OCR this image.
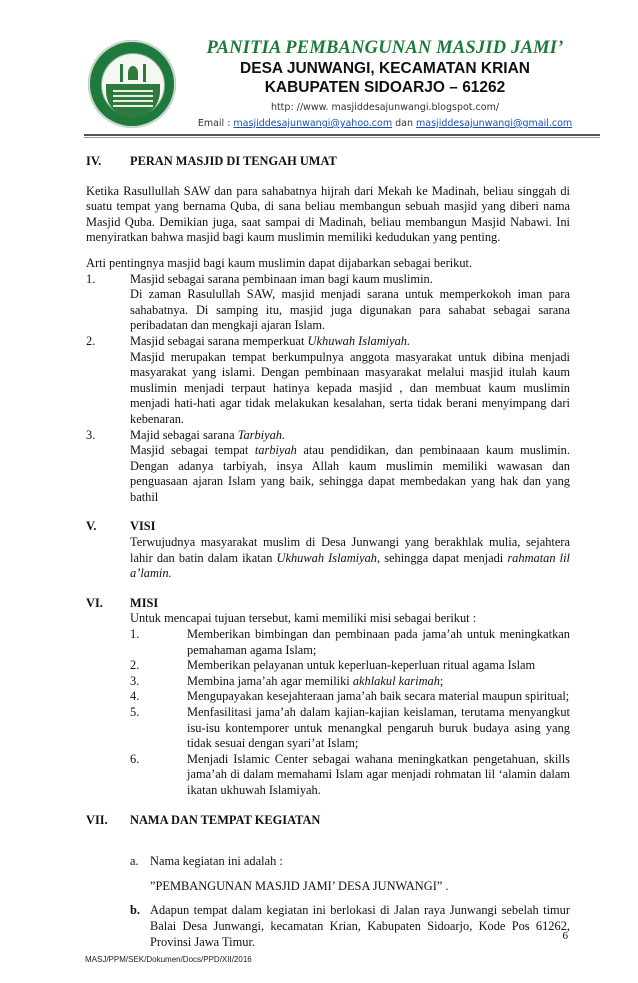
PANITIA PEMBANGUNAN MASJID JAMI’
DESA JUNWANGI, KECAMATAN KRIAN
KABUPATEN SIDOARJO – 61262
http: //www. masjiddesajunwangi.blogspot.com/
Email : masjiddesajunwangi@yahoo.com dan masjiddesajunwangi@gmail.com
IV.	PERAN MASJID DI TENGAH UMAT
Ketika Rasullullah SAW dan para sahabatnya hijrah dari Mekah ke Madinah, beliau singgah di suatu tempat yang bernama Quba, di sana beliau membangun sebuah masjid yang diberi nama Masjid Quba. Demikian juga, saat sampai di Madinah, beliau membangun Masjid Nabawi. Ini menyiratkan bahwa masjid bagi kaum muslimin memiliki kedudukan yang penting.
Arti pentingnya masjid bagi kaum muslimin dapat dijabarkan sebagai berikut.
1.	Masjid sebagai sarana pembinaan iman bagi kaum muslimin.
Di zaman Rasulullah SAW, masjid menjadi sarana untuk memperkokoh iman para sahabatnya. Di samping itu, masjid juga digunakan para sahabat sebagai sarana peribadatan dan mengkaji ajaran Islam.
2.	Masjid sebagai sarana memperkuat Ukhuwah Islamiyah.
Masjid merupakan tempat berkumpulnya anggota masyarakat untuk dibina menjadi masyarakat yang islami. Dengan pembinaan masyarakat melalui masjid itulah kaum muslimin menjadi terpaut hatinya kepada masjid , dan membuat kaum muslimin menjadi hati-hati agar tidak melakukan kesalahan, serta tidak berani menyimpang dari kebenaran.
3.	Majid sebagai sarana Tarbiyah.
Masjid sebagai tempat tarbiyah atau pendidikan, dan pembinaaan kaum muslimin. Dengan adanya tarbiyah, insya Allah kaum muslimin memiliki wawasan dan penguasaan ajaran Islam yang baik, sehingga dapat membedakan yang hak dan yang bathil
V.	VISI
Terwujudnya masyarakat muslim di Desa Junwangi yang berakhlak mulia, sejahtera lahir dan batin dalam ikatan Ukhuwah Islamiyah, sehingga dapat menjadi rahmatan lil a’lamin.
VI.	MISI
Untuk mencapai tujuan tersebut, kami memiliki misi sebagai berikut :
1.	Memberikan bimbingan dan pembinaan pada jama’ah untuk meningkatkan pemahaman agama Islam;
2.	Memberikan pelayanan untuk keperluan-keperluan ritual agama Islam
3.	Membina jama’ah agar memiliki akhlakul karimah;
4.	Mengupayakan kesejahteraan jama’ah baik secara material maupun spiritual;
5.	Menfasilitasi jama’ah dalam kajian-kajian keislaman, terutama menyangkut isu-isu kontemporer untuk menangkal pengaruh buruk budaya asing yang tidak sesuai dengan syari’at Islam;
6.	Menjadi Islamic Center sebagai wahana meningkatkan pengetahuan, skills jama’ah di dalam memahami Islam agar menjadi rohmatan lil ‘alamin dalam ikatan ukhuwah Islamiyah.
VII.	NAMA DAN TEMPAT KEGIATAN
a. Nama kegiatan ini adalah :
”PEMBANGUNAN MASJID JAMI’ DESA JUNWANGI” .
b. Adapun tempat dalam kegiatan ini berlokasi di Jalan raya Junwangi sebelah timur Balai Desa Junwangi, kecamatan Krian, Kabupaten Sidoarjo, Kode Pos 61262, Provinsi Jawa Timur.	6
MASJ/PPM/SEK/Dokumen/Docs/PPD/XII/2016
